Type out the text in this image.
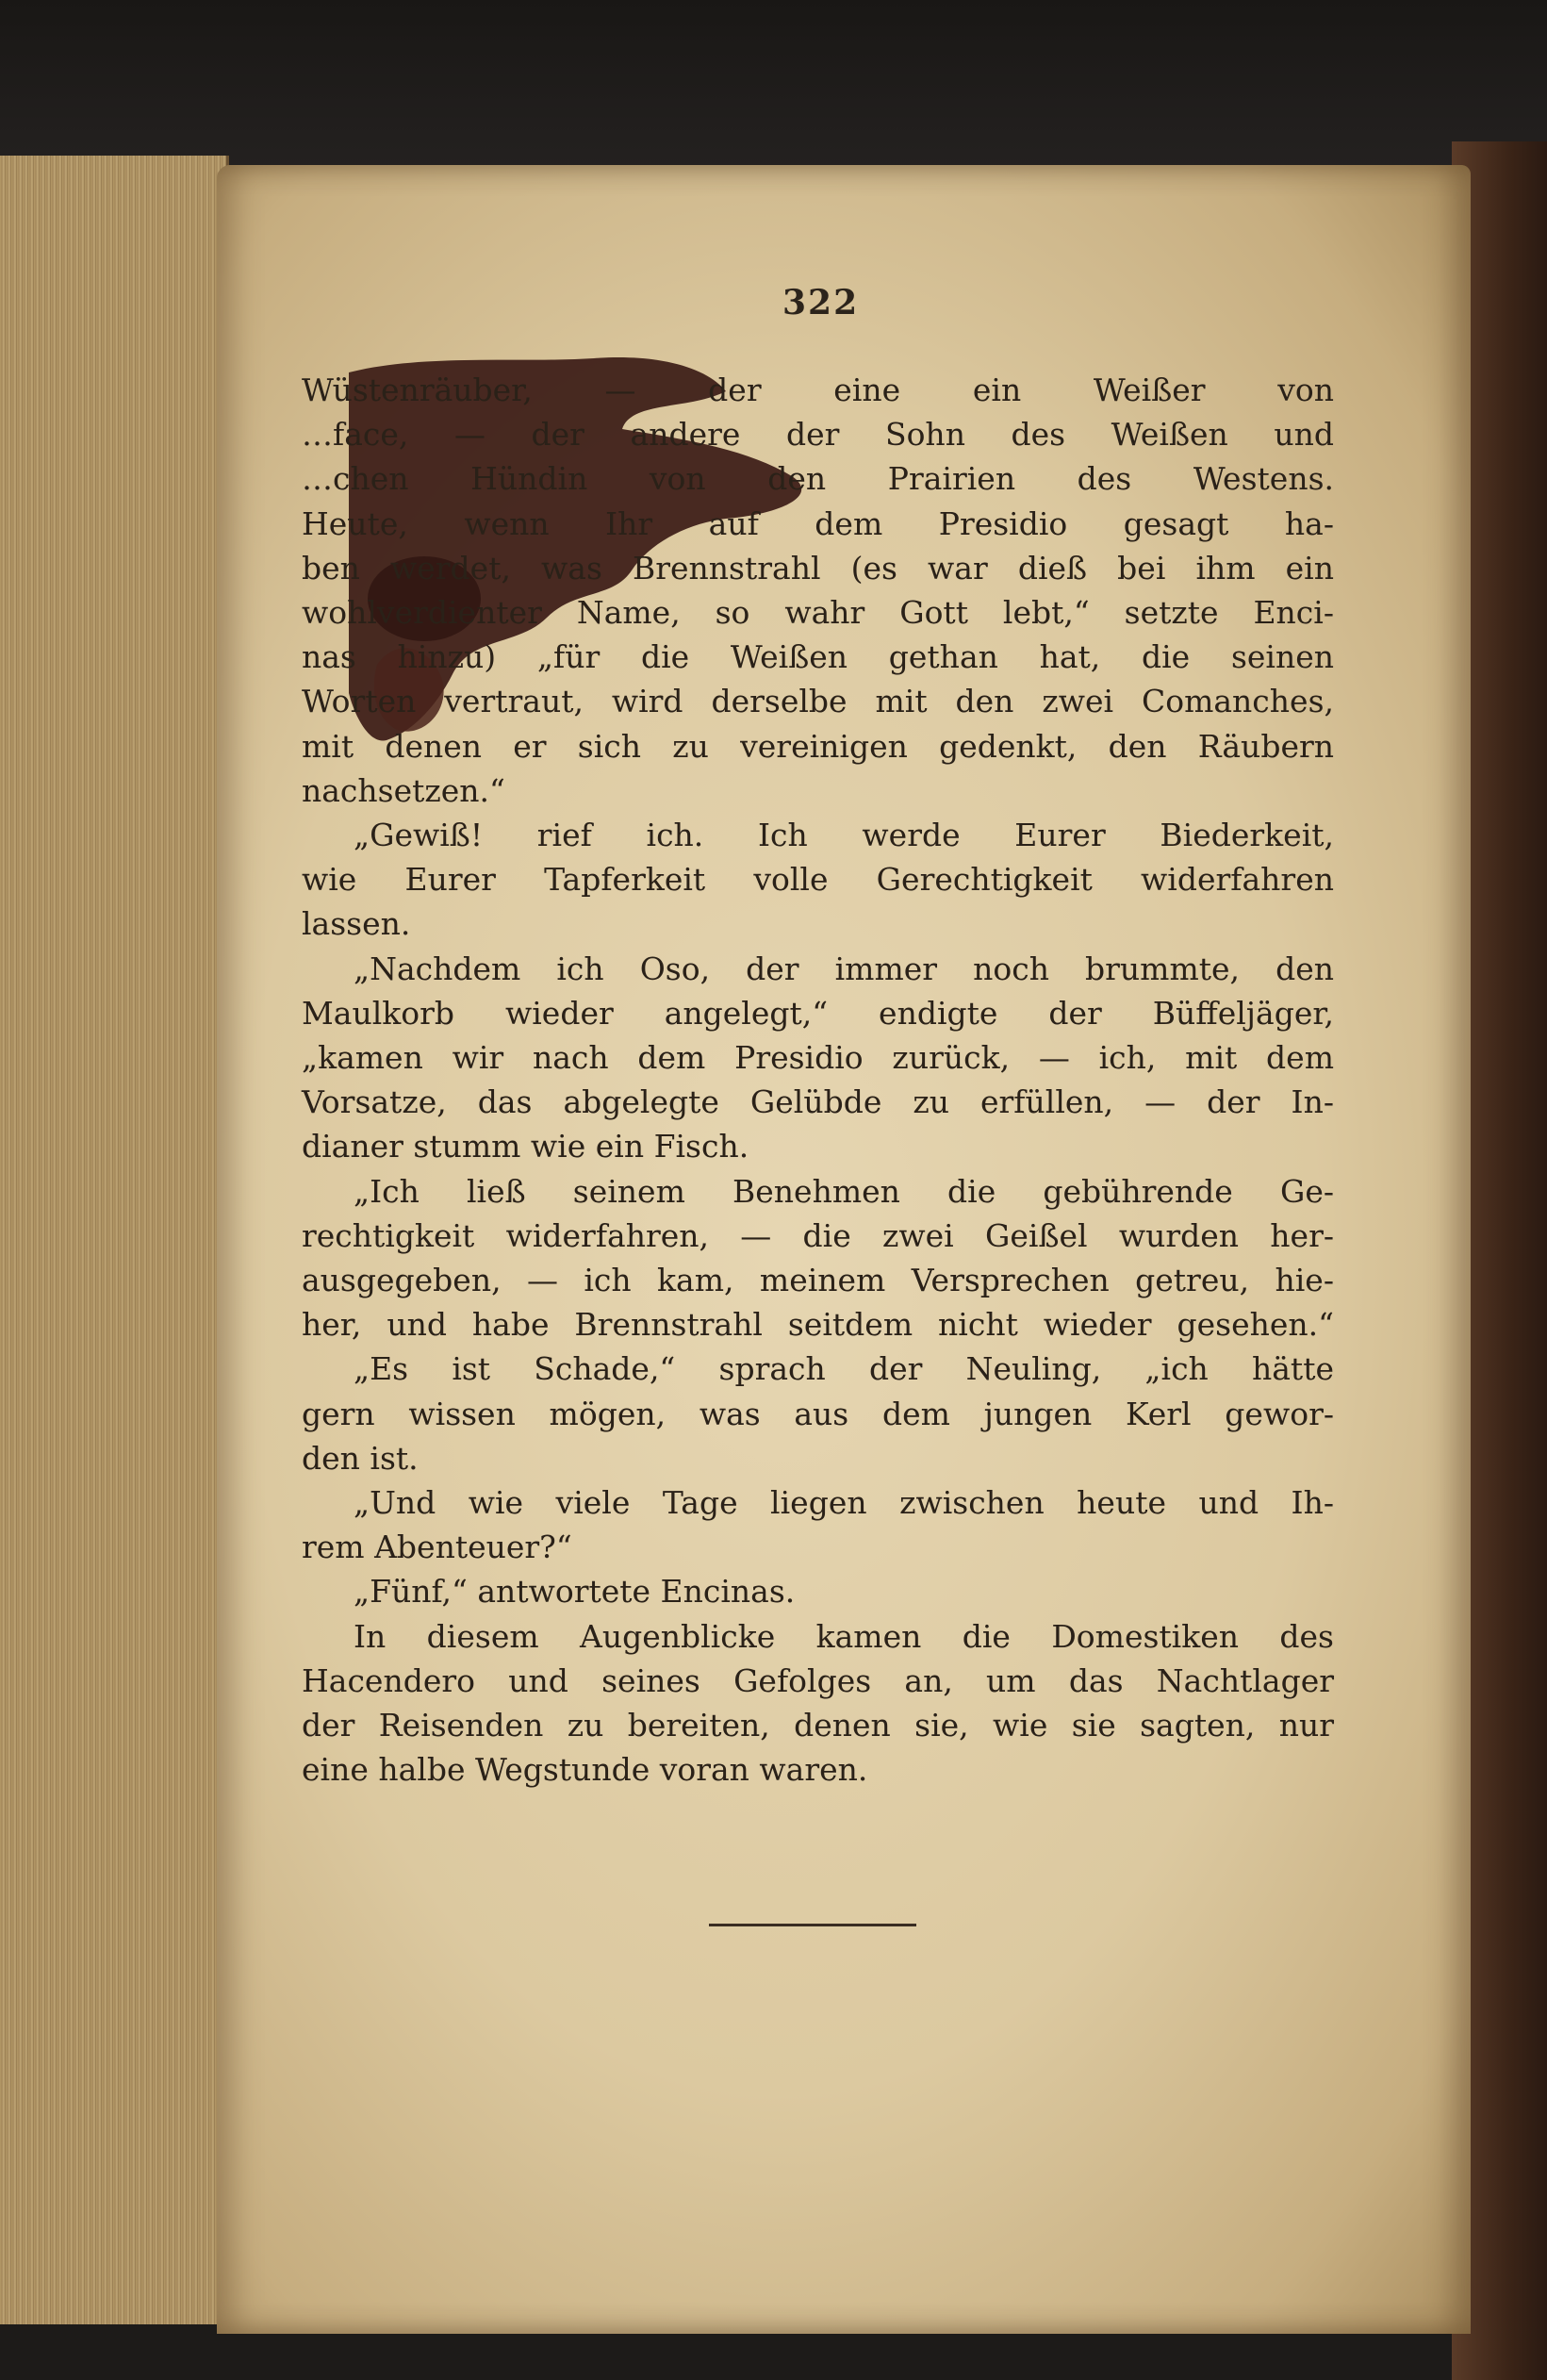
322
Wüstenräuber, — der eine ein Weißer von
…face, — der andere der Sohn des Weißen und
…chen Hündin von den Prairien des Westens.
Heute, wenn Ihr auf dem Presidio gesagt ha-
ben werdet, was Brennstrahl (es war dieß bei ihm ein
wohlverdienter Name, so wahr Gott lebt,“ setzte Enci-
nas hinzu) „für die Weißen gethan hat, die seinen
Worten vertraut, wird derselbe mit den zwei Comanches,
mit denen er sich zu vereinigen gedenkt, den Räubern
nachsetzen.“
„Gewiß! rief ich. Ich werde Eurer Biederkeit,
wie Eurer Tapferkeit volle Gerechtigkeit widerfahren
lassen.
„Nachdem ich Oso, der immer noch brummte, den
Maulkorb wieder angelegt,“ endigte der Büffeljäger,
„kamen wir nach dem Presidio zurück, — ich, mit dem
Vorsatze, das abgelegte Gelübde zu erfüllen, — der In-
dianer stumm wie ein Fisch.
„Ich ließ seinem Benehmen die gebührende Ge-
rechtigkeit widerfahren, — die zwei Geißel wurden her-
ausgegeben, — ich kam, meinem Versprechen getreu, hie-
her, und habe Brennstrahl seitdem nicht wieder gesehen.“
„Es ist Schade,“ sprach der Neuling, „ich hätte
gern wissen mögen, was aus dem jungen Kerl gewor-
den ist.
„Und wie viele Tage liegen zwischen heute und Ih-
rem Abenteuer?“
„Fünf,“ antwortete Encinas.
In diesem Augenblicke kamen die Domestiken des
Hacendero und seines Gefolges an, um das Nachtlager
der Reisenden zu bereiten, denen sie, wie sie sagten, nur
eine halbe Wegstunde voran waren.
